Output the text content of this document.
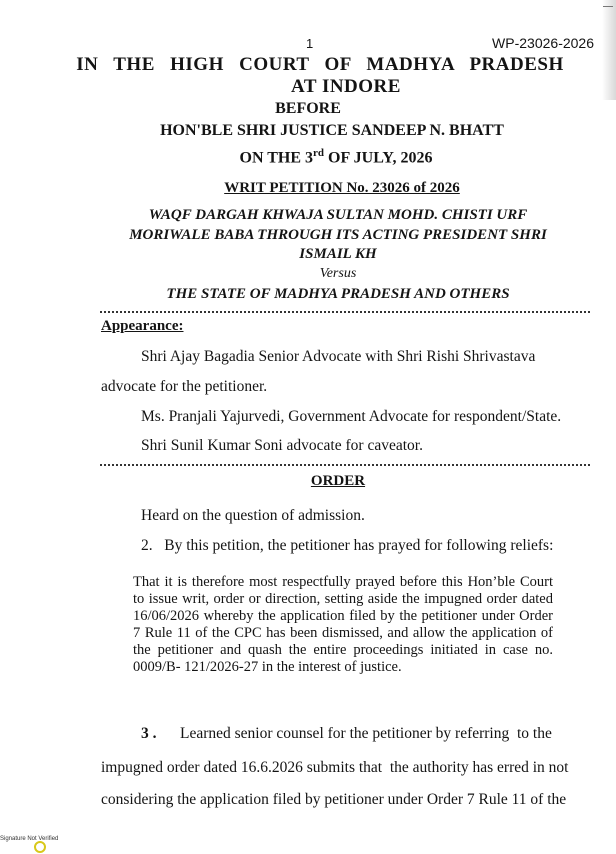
1	WP-23026-2026
IN THE HIGH COURT OF MADHYA PRADESH
AT INDORE
BEFORE
HON'BLE SHRI JUSTICE SANDEEP N. BHATT
ON THE 3rd OF JULY, 2026
WRIT PETITION No. 23026 of 2026
WAQF DARGAH KHWAJA SULTAN MOHD. CHISTI URF
MORIWALE BABA THROUGH ITS ACTING PRESIDENT SHRI
ISMAIL KH
Versus
THE STATE OF MADHYA PRADESH AND OTHERS
Appearance:
Shri Ajay Bagadia Senior Advocate with Shri Rishi Shrivastava
advocate for the petitioner.
Ms. Pranjali Yajurvedi, Government Advocate for respondent/State.
Shri Sunil Kumar Soni advocate for caveator.
ORDER
Heard on the question of admission.
2.   By this petition, the petitioner has prayed for following reliefs:
That it is therefore most respectfully prayed before this Hon’ble Court to issue writ, order or direction, setting aside the impugned order dated 16/06/2026 whereby the application filed by the petitioner under Order 7 Rule 11 of the CPC has been dismissed, and allow the application of the petitioner and quash the entire proceedings initiated in case no. 0009/B- 121/2026-27 in the interest of justice.
3 . Learned senior counsel for the petitioner by referring  to the
impugned order dated 16.6.2026 submits that  the authority has erred in not
considering the application filed by petitioner under Order 7 Rule 11 of the
Signature Not Verified
